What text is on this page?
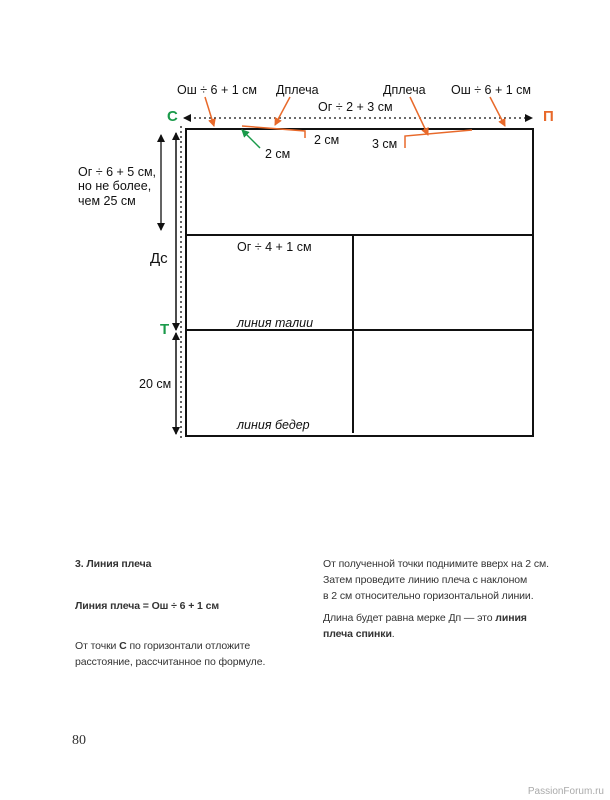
С	П
Т
Ош ÷ 6 + 1 см Дплеча	Дплеча Ош ÷ 6 + 1 см
Ог ÷ 2 + 3 см
2 см
2 см
3 см
Ог ÷ 6 + 5 см,
но не более,
чем 25 см
Дс
Ог ÷ 4 + 1 см
20 см
линия талии
линия бедер

3. Линия плеча

Линия плеча = Ош ÷ 6 + 1 см

От точки С по горизонтали отложите
расстояние, рассчитанное по формуле.

От полученной точки поднимите вверх на 2 см.
Затем проведите линию плеча с наклоном
в 2 см относительно горизонтальной линии.

Длина будет равна мерке Дп — это линия
плеча спинки.

80
PassionForum.ru
